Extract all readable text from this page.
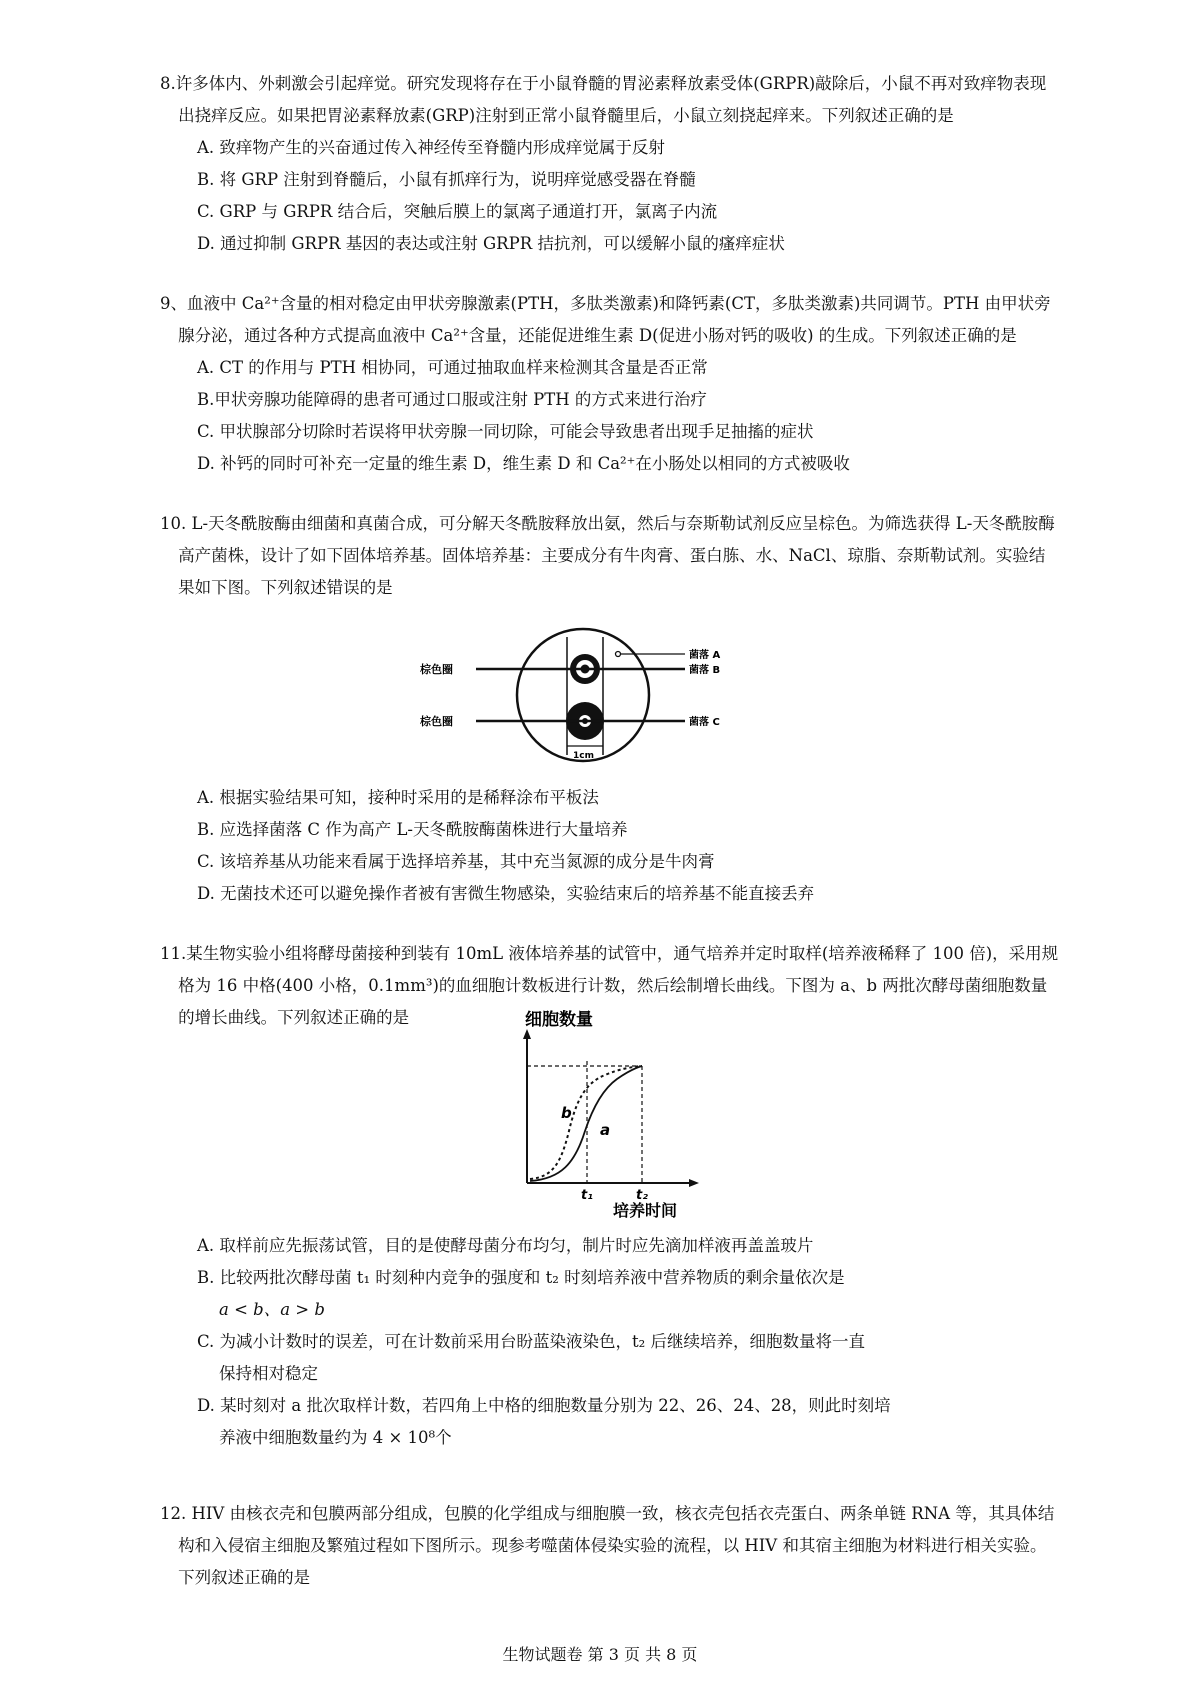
8.许多体内、外刺激会引起痒觉。研究发现将存在于小鼠脊髓的胃泌素释放素受体(GRPR)敲除后，小鼠不再对致痒物表现出挠痒反应。如果把胃泌素释放素(GRP)注射到正常小鼠脊髓里后，小鼠立刻挠起痒来。下列叙述正确的是

A. 致痒物产生的兴奋通过传入神经传至脊髓内形成痒觉属于反射

B. 将 GRP 注射到脊髓后，小鼠有抓痒行为，说明痒觉感受器在脊髓

C. GRP 与 GRPR 结合后，突触后膜上的氯离子通道打开，氯离子内流

D. 通过抑制 GRPR 基因的表达或注射 GRPR 拮抗剂，可以缓解小鼠的瘙痒症状

9、血液中 Ca²⁺含量的相对稳定由甲状旁腺激素(PTH，多肽类激素)和降钙素(CT，多肽类激素)共同调节。PTH 由甲状旁腺分泌，通过各种方式提高血液中 Ca²⁺含量，还能促进维生素 D(促进小肠对钙的吸收) 的生成。下列叙述正确的是

A. CT 的作用与 PTH 相协同，可通过抽取血样来检测其含量是否正常

B.甲状旁腺功能障碍的患者可通过口服或注射 PTH 的方式来进行治疗

C. 甲状腺部分切除时若误将甲状旁腺一同切除，可能会导致患者出现手足抽搐的症状

D. 补钙的同时可补充一定量的维生素 D，维生素 D 和 Ca²⁺在小肠处以相同的方式被吸收

10. L-天冬酰胺酶由细菌和真菌合成，可分解天冬酰胺释放出氨，然后与奈斯勒试剂反应呈棕色。为筛选获得 L-天冬酰胺酶高产菌株，设计了如下固体培养基。固体培养基：主要成分有牛肉膏、蛋白胨、水、NaCl、琼脂、奈斯勒试剂。实验结果如下图。下列叙述错误的是

棕色圈
棕色圈
菌落 A
菌落 B
菌落 C
1cm

A. 根据实验结果可知，接种时采用的是稀释涂布平板法

B. 应选择菌落 C 作为高产 L-天冬酰胺酶菌株进行大量培养

C. 该培养基从功能来看属于选择培养基，其中充当氮源的成分是牛肉膏

D. 无菌技术还可以避免操作者被有害微生物感染，实验结束后的培养基不能直接丢弃

11.某生物实验小组将酵母菌接种到装有 10mL 液体培养基的试管中，通气培养并定时取样(培养液稀释了 100 倍)，采用规格为 16 中格(400 小格，0.1mm³)的血细胞计数板进行计数，然后绘制增长曲线。下图为 a、b 两批次酵母菌细胞数量的增长曲线。下列叙述正确的是	细胞数量
b
a
t₁	t₂
培养时间

A. 取样前应先振荡试管，目的是使酵母菌分布均匀，制片时应先滴加样液再盖盖玻片

B. 比较两批次酵母菌 t₁ 时刻种内竞争的强度和 t₂ 时刻培养液中营养物质的剩余量依次是
a < b、a > b

C. 为减小计数时的误差，可在计数前采用台盼蓝染液染色，t₂ 后继续培养，细胞数量将一直
保持相对稳定

D. 某时刻对 a 批次取样计数，若四角上中格的细胞数量分别为 22、26、24、28，则此时刻培
养液中细胞数量约为 4 × 10⁸个

12. HIV 由核衣壳和包膜两部分组成，包膜的化学组成与细胞膜一致，核衣壳包括衣壳蛋白、两条单链 RNA 等，其具体结构和入侵宿主细胞及繁殖过程如下图所示。现参考噬菌体侵染实验的流程，以 HIV 和其宿主细胞为材料进行相关实验。下列叙述正确的是

生物试题卷 第 3 页 共 8 页
